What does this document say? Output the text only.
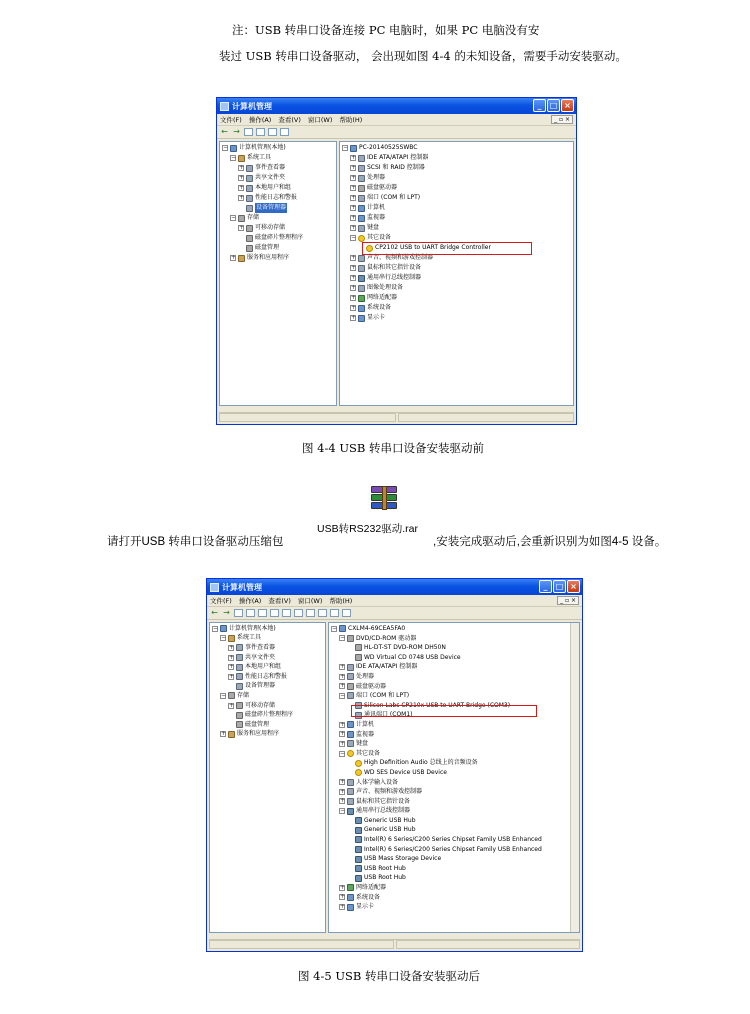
注：USB 转串口设备连接 PC 电脑时，如果 PC 电脑没有安
装过 USB 转串口设备驱动， 会出现如图 4-4 的未知设备，需要手动安装驱动。
计算机管理	_	□ ×
文件(F) 操作(A) 查看(V) 窗口(W) 帮助(H)	_ ▫ ×
← →
− 计算机管理(本地)
− 系统工具
+ 事件查看器
+ 共享文件夹
+ 本地用户和组
+ 性能日志和警报
设备管理器
− 存储
+ 可移动存储
磁盘碎片整理程序
磁盘管理
+ 服务和应用程序
− PC-20140525SWBC
+ IDE ATA/ATAPI 控制器
+ SCSI 和 RAID 控制器
+ 处理器
+ 磁盘驱动器
+ 端口 (COM 和 LPT)
+ 计算机
+ 监视器
+ 键盘
− 其它设备
CP2102 USB to UART Bridge Controller
+ 声音、视频和游戏控制器
+ 鼠标和其它指针设备
+ 通用串行总线控制器
+ 图像处理设备
+ 网络适配器
+ 系统设备
+ 显示卡
图 4-4 USB 转串口设备安装驱动前
USB转RS232驱动.rar
请打开USB 转串口设备驱动压缩包	,安装完成驱动后,会重新识别为如图4-5 设备。
计算机管理	_	□ ×
文件(F) 操作(A) 查看(V) 窗口(W) 帮助(H)	_ ▫ ×
← →
− 计算机管理(本地)
− 系统工具
+ 事件查看器
+ 共享文件夹
+ 本地用户和组
+ 性能日志和警报
设备管理器
− 存储
+ 可移动存储
磁盘碎片整理程序
磁盘管理
+ 服务和应用程序
− CXLM4-69CEA5FA0
− DVD/CD-ROM 驱动器
HL-DT-ST DVD-ROM DH50N
WD Virtual CD 0748 USB Device
+ IDE ATA/ATAPI 控制器
+ 处理器
+ 磁盘驱动器
− 端口 (COM 和 LPT)
Silicon Labs CP210x USB to UART Bridge (COM3)
通讯端口 (COM1)
+ 计算机
+ 监视器
+ 键盘
− 其它设备
High Definition Audio 总线上的音频设备
WD SES Device USB Device
+ 人体学输入设备
+ 声音、视频和游戏控制器
+ 鼠标和其它指针设备
− 通用串行总线控制器
Generic USB Hub
Generic USB Hub
Intel(R) 6 Series/C200 Series Chipset Family USB Enhanced
Intel(R) 6 Series/C200 Series Chipset Family USB Enhanced
USB Mass Storage Device
USB Root Hub
USB Root Hub
+ 网络适配器
+ 系统设备
+ 显示卡
图 4-5 USB 转串口设备安装驱动后
